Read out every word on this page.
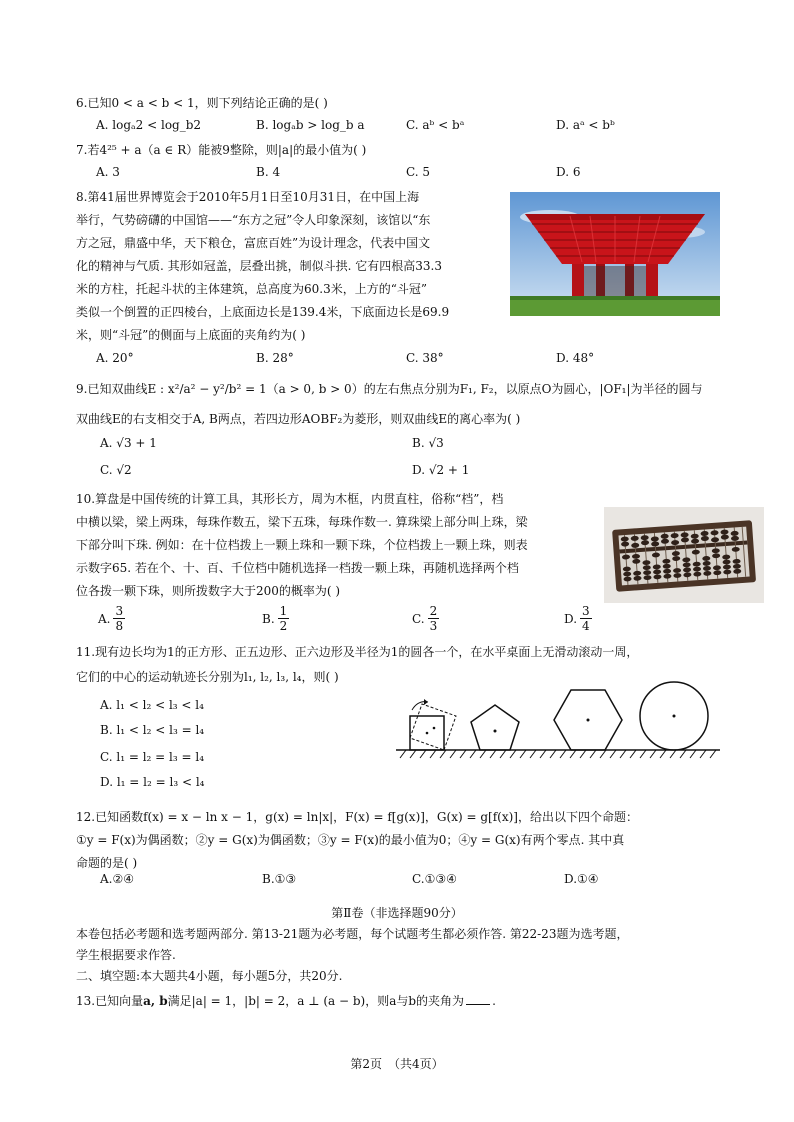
6.已知0 < a < b < 1，则下列结论正确的是( )
A. logₐ2 < log_b2	B. logₐb > log_b a	C. aᵇ < bᵃ	D. aᵃ < bᵇ
7.若4²⁵ + a（a ∈ R）能被9整除，则|a|的最小值为( )
A. 3	B. 4	C. 5	D. 6
8.第41届世界博览会于2010年5月1日至10月31日，在中国上海
举行，气势磅礴的中国馆——“东方之冠”令人印象深刻，该馆以“东
方之冠，鼎盛中华，天下粮仓，富庶百姓”为设计理念，代表中国文
化的精神与气质. 其形如冠盖，层叠出挑，制似斗拱. 它有四根高33.3
米的方柱，托起斗状的主体建筑，总高度为60.3米，上方的“斗冠”
类似一个倒置的正四棱台，上底面边长是139.4米，下底面边长是69.9
米，则“斗冠”的侧面与上底面的夹角约为( )
A. 20°	B. 28°	C. 38°	D. 48°
9.已知双曲线E : x²/a² − y²/b² = 1（a > 0, b > 0）的左右焦点分别为F₁, F₂，以原点O为圆心，|OF₁|为半径的圆与
双曲线E的右支相交于A, B两点，若四边形AOBF₂为菱形，则双曲线E的离心率为( )
A. √3 + 1	B. √3
C. √2	D. √2 + 1
10.算盘是中国传统的计算工具，其形长方，周为木框，内贯直柱，俗称“档”，档
中横以梁，梁上两珠，每珠作数五，梁下五珠，每珠作数一. 算珠梁上部分叫上珠，梁
下部分叫下珠. 例如：在十位档拨上一颗上珠和一颗下珠，个位档拨上一颗上珠，则表
示数字65. 若在个、十、百、千位档中随机选择一档拨一颗上珠，再随机选择两个档
位各拨一颗下珠，则所拨数字大于200的概率为( )
A. $\frac{3}{8}$	B. $\frac{1}{2}$	C. $\frac{2}{3}$	D. $\frac{3}{4}$
11.现有边长均为1的正方形、正五边形、正六边形及半径为1的圆各一个，在水平桌面上无滑动滚动一周，
它们的中心的运动轨迹长分别为l₁, l₂, l₃, l₄，则( )
A. l₁ < l₂ < l₃ < l₄
B. l₁ < l₂ < l₃ = l₄
C. l₁ = l₂ = l₃ = l₄
D. l₁ = l₂ = l₃ < l₄
12.已知函数f(x) = x − ln x − 1，g(x) = ln|x|，F(x) = f[g(x)]，G(x) = g[f(x)]，给出以下四个命题：
①y = F(x)为偶函数；②y = G(x)为偶函数；③y = F(x)的最小值为0；④y = G(x)有两个零点. 其中真
命题的是( )
A.②④	B.①③	C.①③④	D.①④
第Ⅱ卷（非选择题90分）
本卷包括必考题和选考题两部分. 第13-21题为必考题，每个试题考生都必须作答. 第22-23题为选考题，
学生根据要求作答.
二、填空题:本大题共4小题，每小题5分，共20分.
13.已知向量a, b满足|a| = 1，|b| = 2，a ⊥ (a − b)，则a与b的夹角为 .
第2页　（共4页）
